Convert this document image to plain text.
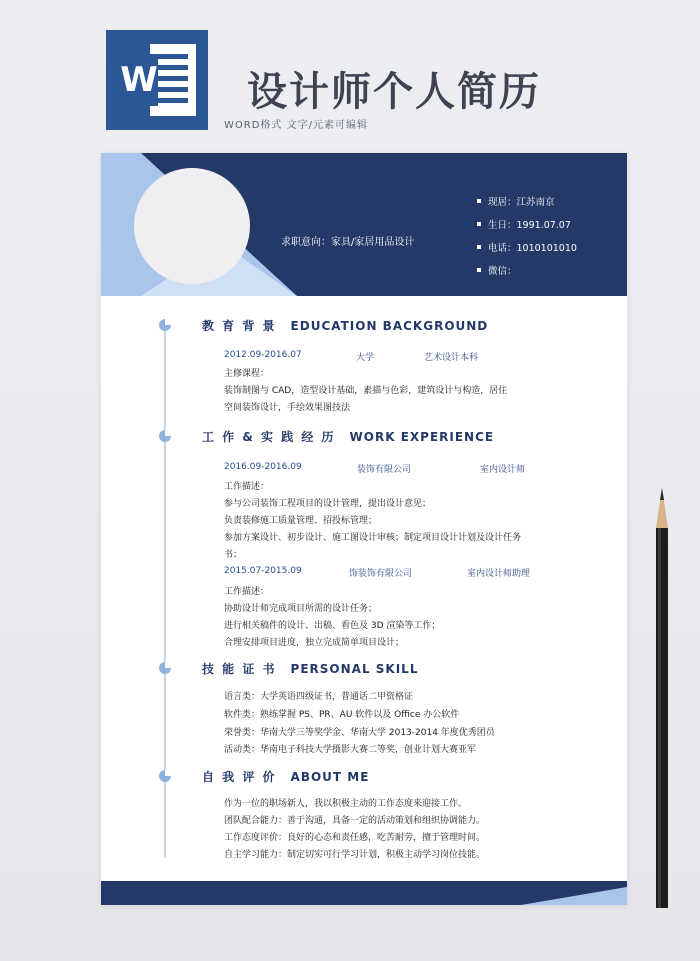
W 设计师个人简历
WORD格式 文字/元素可编辑
求职意向：家具/家居用品设计
现居：江苏南京
生日：1991.07.07
电话：1010101010
微信：
教 育 背 景 EDUCATION BACKGROUND
2012.09-2016.07	大学	艺术设计本科
主修课程：
装饰制图与 CAD，造型设计基础，素描与色彩，建筑设计与构造，居住
空间装饰设计，手绘效果图技法
工 作 & 实 践 经 历 WORK EXPERIENCE
2016.09-2016.09	装饰有限公司	室内设计师
工作描述：
参与公司装饰工程项目的设计管理，提出设计意见；
负责装修施工质量管理、招投标管理；
参加方案设计、初步设计、施工图设计审核；制定项目设计计划及设计任务
书；
2015.07-2015.09	饰装饰有限公司	室内设计师助理
工作描述：
协助设计师完成项目所需的设计任务；
进行相关稿件的设计、出稿、看色及 3D 渲染等工作；
合理安排项目进度，独立完成简单项目设计；
技 能 证 书 PERSONAL SKILL
语言类：大学英语四级证书，普通话二甲资格证
软件类：熟练掌握 PS、PR、AU 软件以及 Office 办公软件
荣誉类：华南大学三等奖学金、华南大学 2013-2014 年度优秀团员
活动类：华南电子科技大学摄影大赛二等奖，创业计划大赛亚军
自 我 评 价 ABOUT ME
作为一位的职场新人，我以积极主动的工作态度来迎接工作。
团队配合能力：善于沟通，具备一定的活动策划和组织协调能力。
工作态度评价：良好的心态和责任感，吃苦耐劳，擅于管理时间。
自主学习能力：制定切实可行学习计划，积极主动学习岗位技能。
